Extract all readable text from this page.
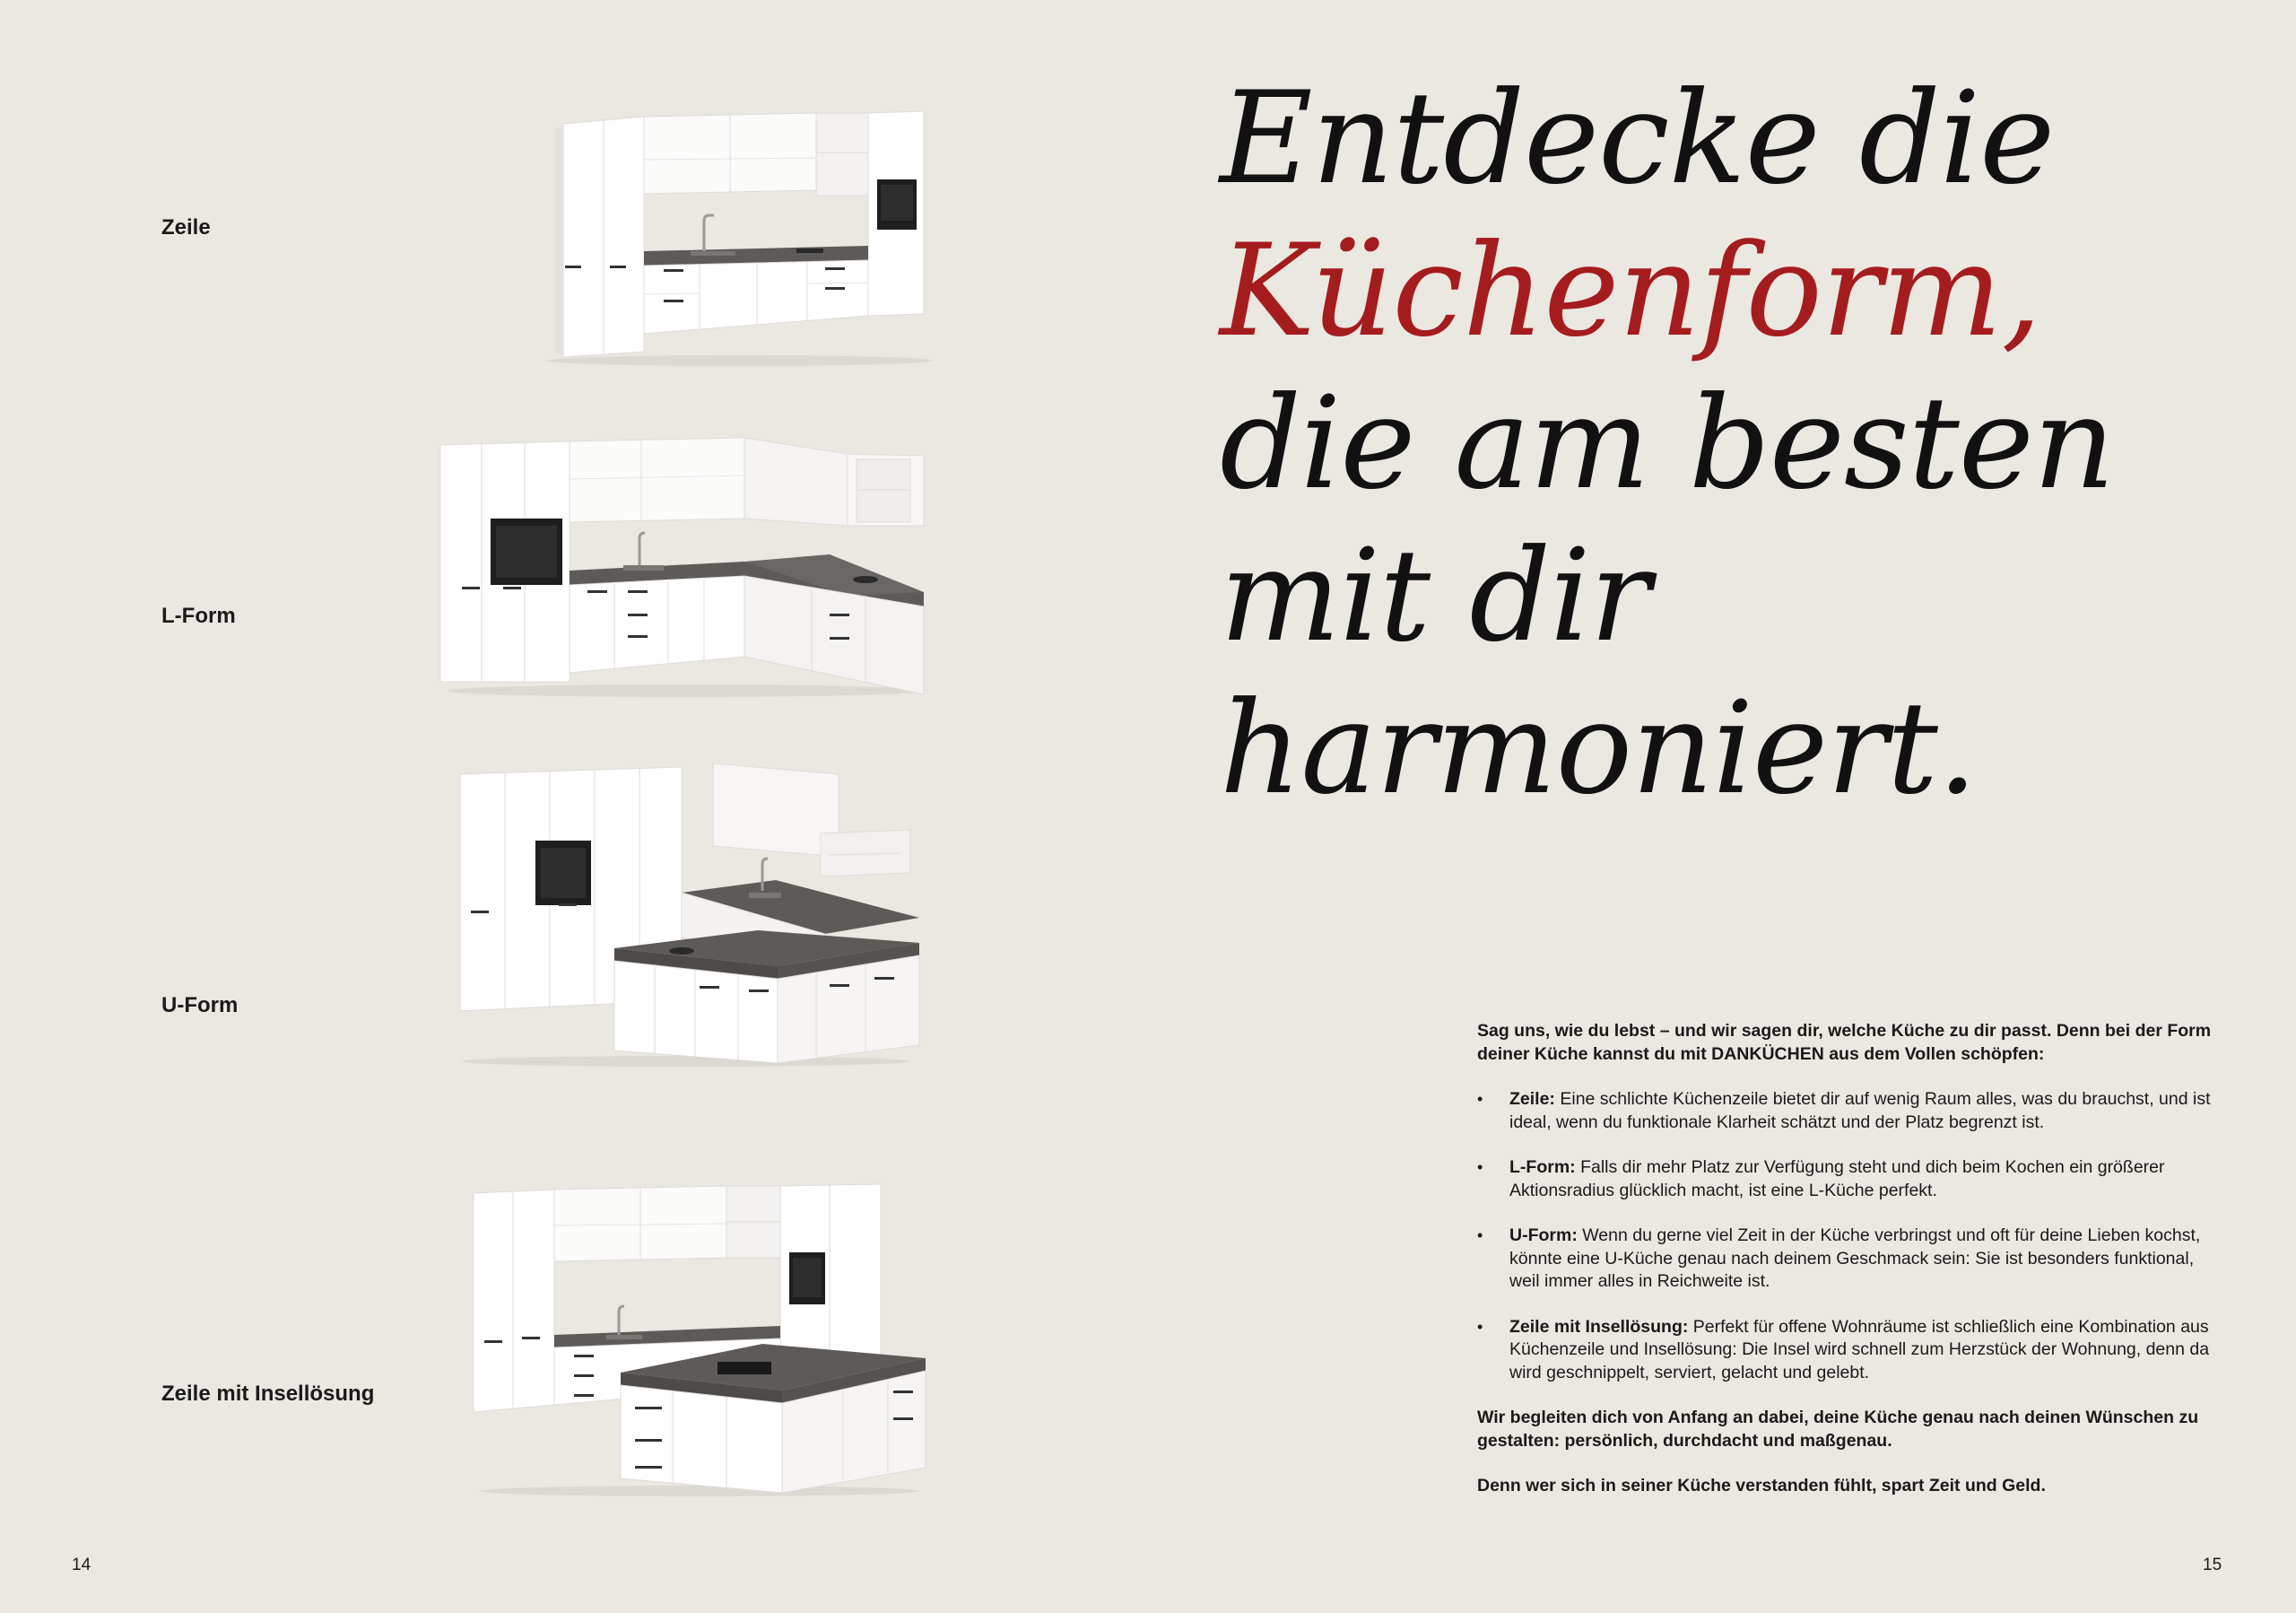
Zeile
L-Form
U-Form
Zeile mit Insellösung
14
Entdecke die
Küchenform,
die am besten
mit dir
harmoniert.

Sag uns, wie du lebst – und wir sagen dir, welche Küche zu dir passt. Denn bei der Form deiner Küche kannst du mit DANKÜCHEN aus dem Vollen schöpfen:

• Zeile: Eine schlichte Küchenzeile bietet dir auf wenig Raum alles, was du brauchst, und ist ideal, wenn du funktionale Klarheit schätzt und der Platz begrenzt ist.
• L-Form: Falls dir mehr Platz zur Verfügung steht und dich beim Kochen ein größerer Aktionsradius glücklich macht, ist eine L-Küche perfekt.
• U-Form: Wenn du gerne viel Zeit in der Küche verbringst und oft für deine Lieben kochst, könnte eine U-Küche genau nach deinem Geschmack sein: Sie ist besonders funktional, weil immer alles in Reichweite ist.
• Zeile mit Insellösung: Perfekt für offene Wohnräume ist schließlich eine Kombination aus Küchenzeile und Insellösung: Die Insel wird schnell zum Herzstück der Wohnung, denn da wird geschnippelt, serviert, gelacht und gelebt.

Wir begleiten dich von Anfang an dabei, deine Küche genau nach deinen Wünschen zu gestalten: persönlich, durchdacht und maßgenau.

Denn wer sich in seiner Küche verstanden fühlt, spart Zeit und Geld.

15
